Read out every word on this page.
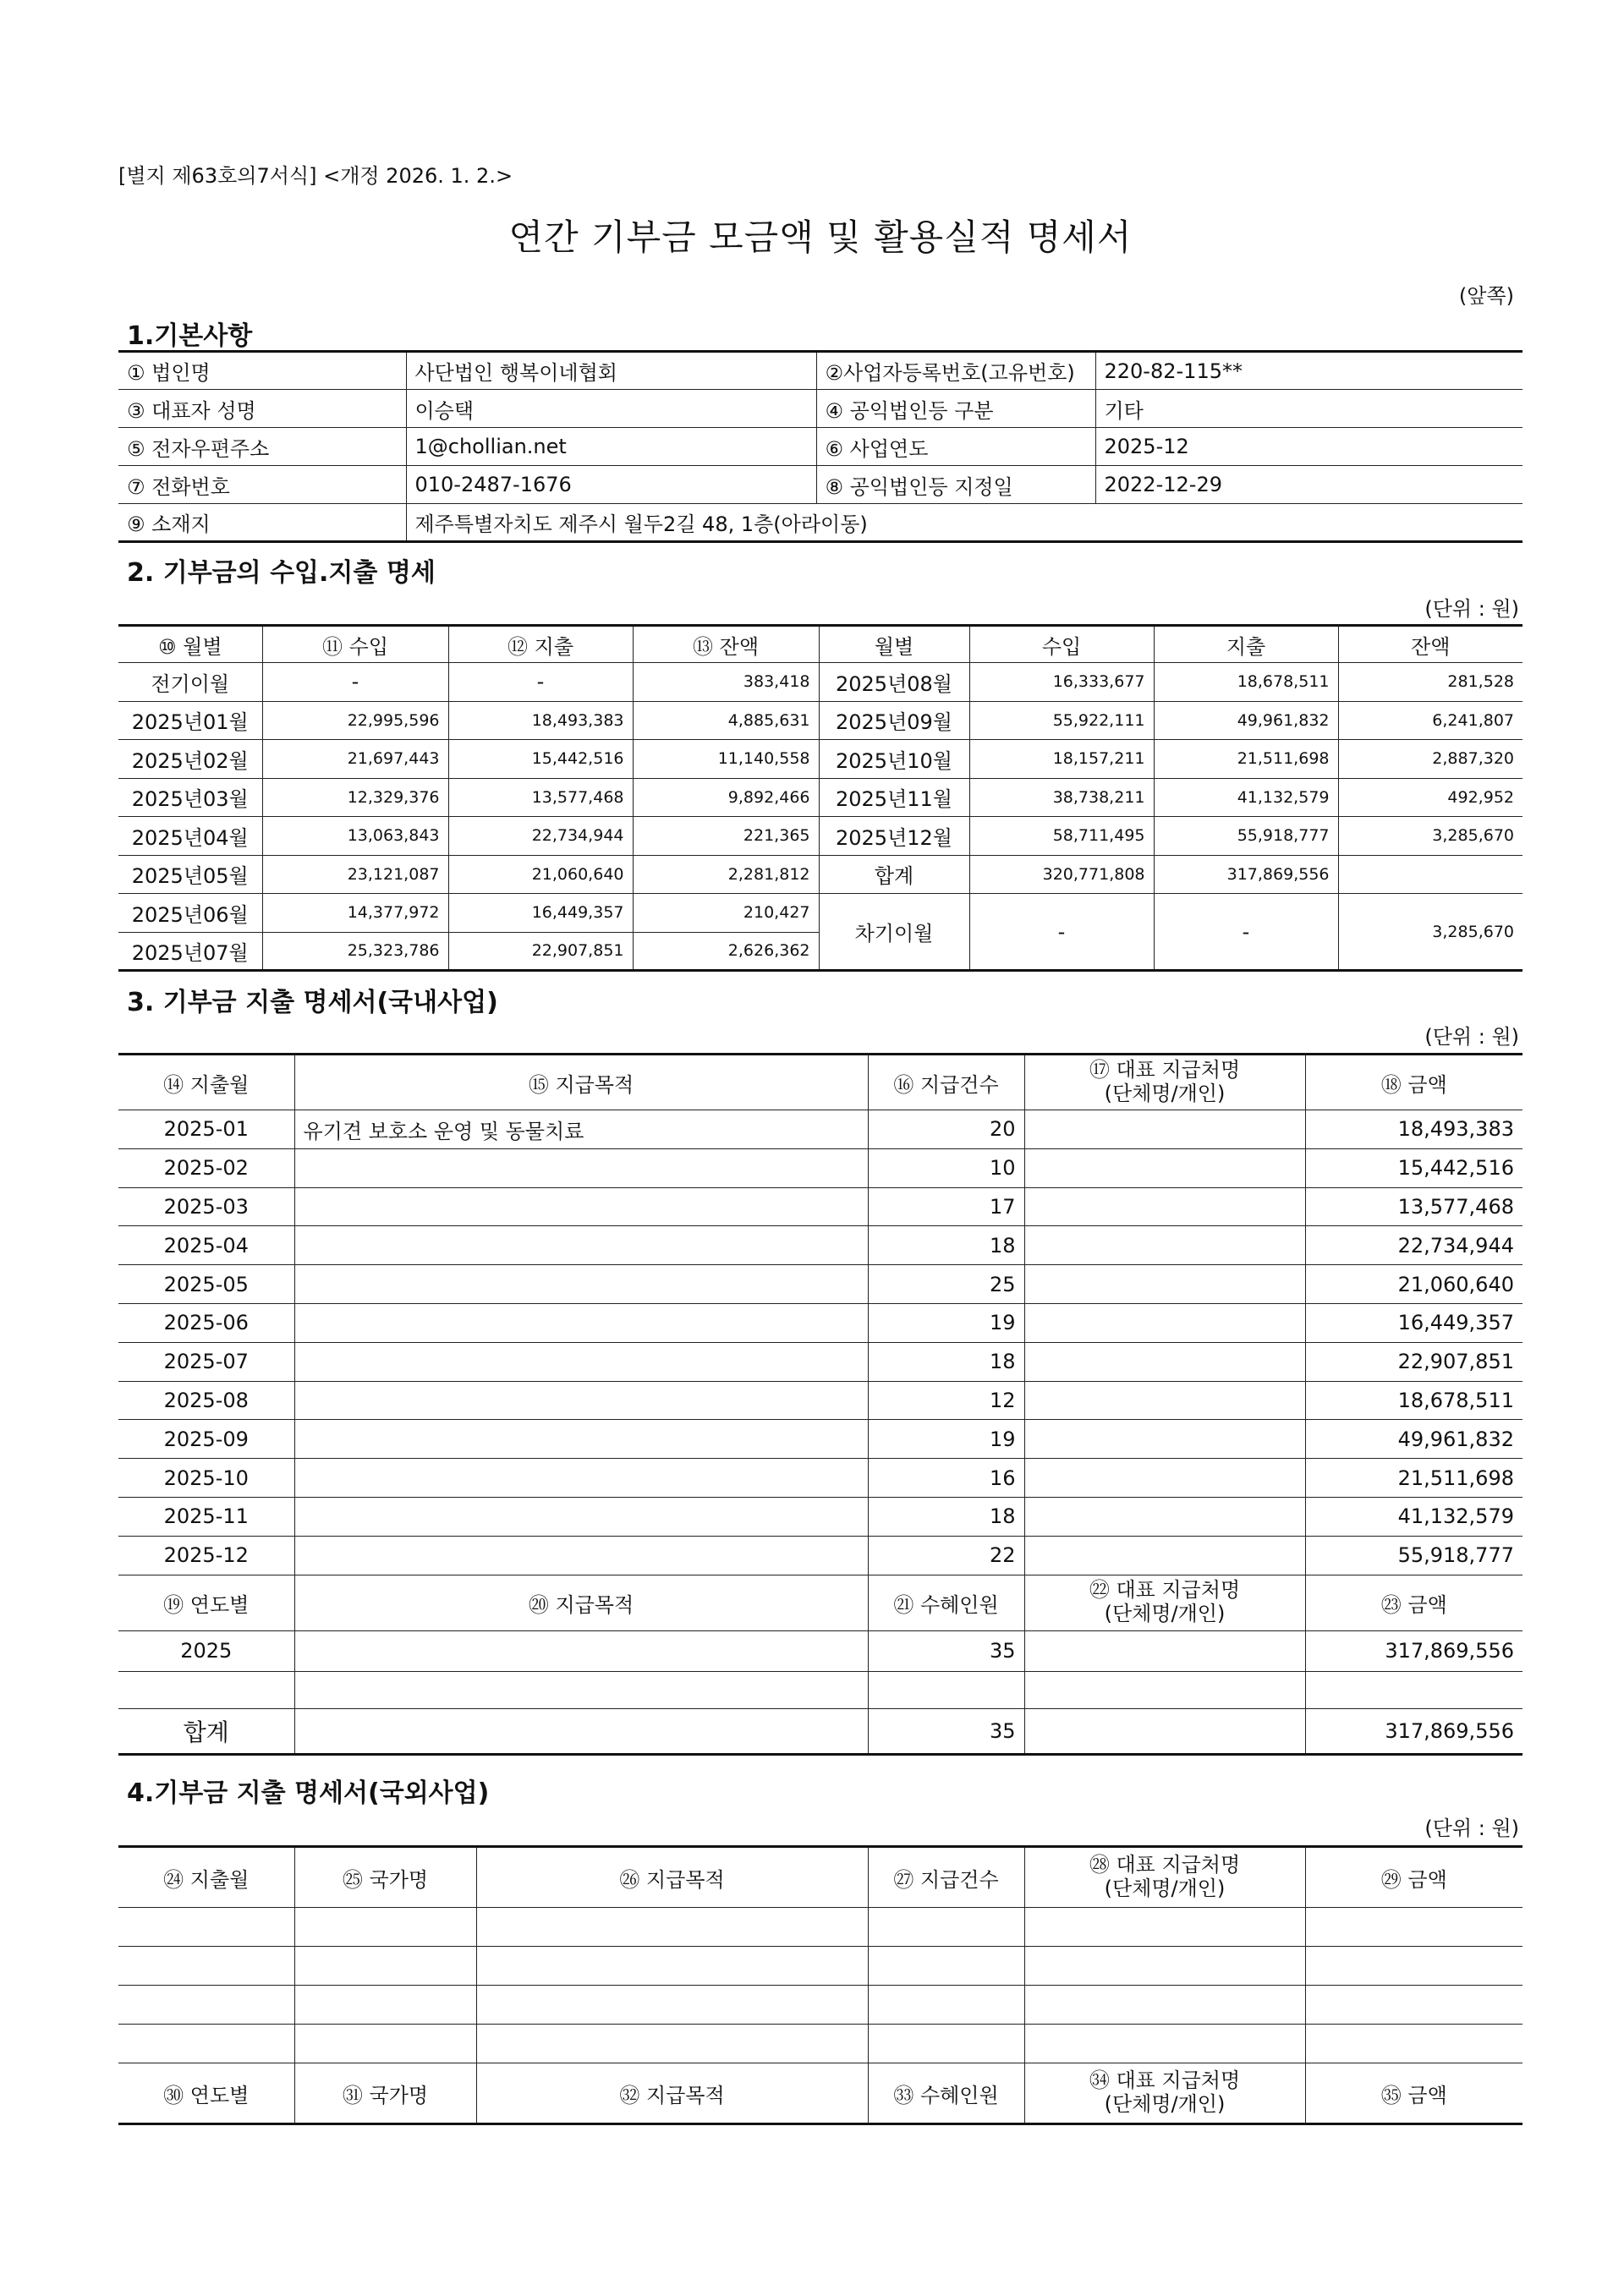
[별지 제63호의7서식] <개정 2026. 1. 2.>
연간 기부금 모금액 및 활용실적 명세서
(앞쪽)
1.기본사항
① 법인명	사단법인 행복이네협회	②사업자등록번호(고유번호)	220-82-115**
③ 대표자 성명	이승택	④ 공익법인등 구분	기타
⑤ 전자우편주소	1@chollian.net	⑥ 사업연도	2025-12
⑦ 전화번호	010-2487-1676	⑧ 공익법인등 지정일	2022-12-29
⑨ 소재지	제주특별자치도 제주시 월두2길 48, 1층(아라이동)		
2. 기부금의 수입.지출 명세
(단위 : 원)
⑩ 월별	⑪ 수입	⑫ 지출	⑬ 잔액	월별	수입	지출	잔액
전기이월	-	-	383,418	2025년08월	16,333,677	18,678,511	281,528
2025년01월	22,995,596	18,493,383	4,885,631	2025년09월	55,922,111	49,961,832	6,241,807
2025년02월	21,697,443	15,442,516	11,140,558	2025년10월	18,157,211	21,511,698	2,887,320
2025년03월	12,329,376	13,577,468	9,892,466	2025년11월	38,738,211	41,132,579	492,952
2025년04월	13,063,843	22,734,944	221,365	2025년12월	58,711,495	55,918,777	3,285,670
2025년05월	23,121,087	21,060,640	2,281,812	합계	320,771,808	317,869,556	
2025년06월	14,377,972	16,449,357	210,427	차기이월	-	-	3,285,670
2025년07월	25,323,786	22,907,851	2,626,362				
3. 기부금 지출 명세서(국내사업)
(단위 : 원)
⑭ 지출월	⑮ 지급목적	⑯ 지급건수	⑰ 대표 지급처명
(단체명/개인)	⑱ 금액
2025-01	유기견 보호소 운영 및 동물치료	20		18,493,383
2025-02		10		15,442,516
2025-03		17		13,577,468
2025-04		18		22,734,944
2025-05		25		21,060,640
2025-06		19		16,449,357
2025-07		18		22,907,851
2025-08		12		18,678,511
2025-09		19		49,961,832
2025-10		16		21,511,698
2025-11		18		41,132,579
2025-12		22		55,918,777
⑲ 연도별	⑳ 지급목적	㉑ 수혜인원	㉒ 대표 지급처명
(단체명/개인)	㉓ 금액
2025		35		317,869,556

합계		35		317,869,556
4.기부금 지출 명세서(국외사업)
(단위 : 원)
㉔ 지출월	㉕ 국가명	㉖ 지급목적	㉗ 지급건수	㉘ 대표 지급처명
(단체명/개인)	㉙ 금액

㉚ 연도별	㉛ 국가명	㉜ 지급목적	㉝ 수혜인원	㉞ 대표 지급처명
(단체명/개인)	㉟ 금액
